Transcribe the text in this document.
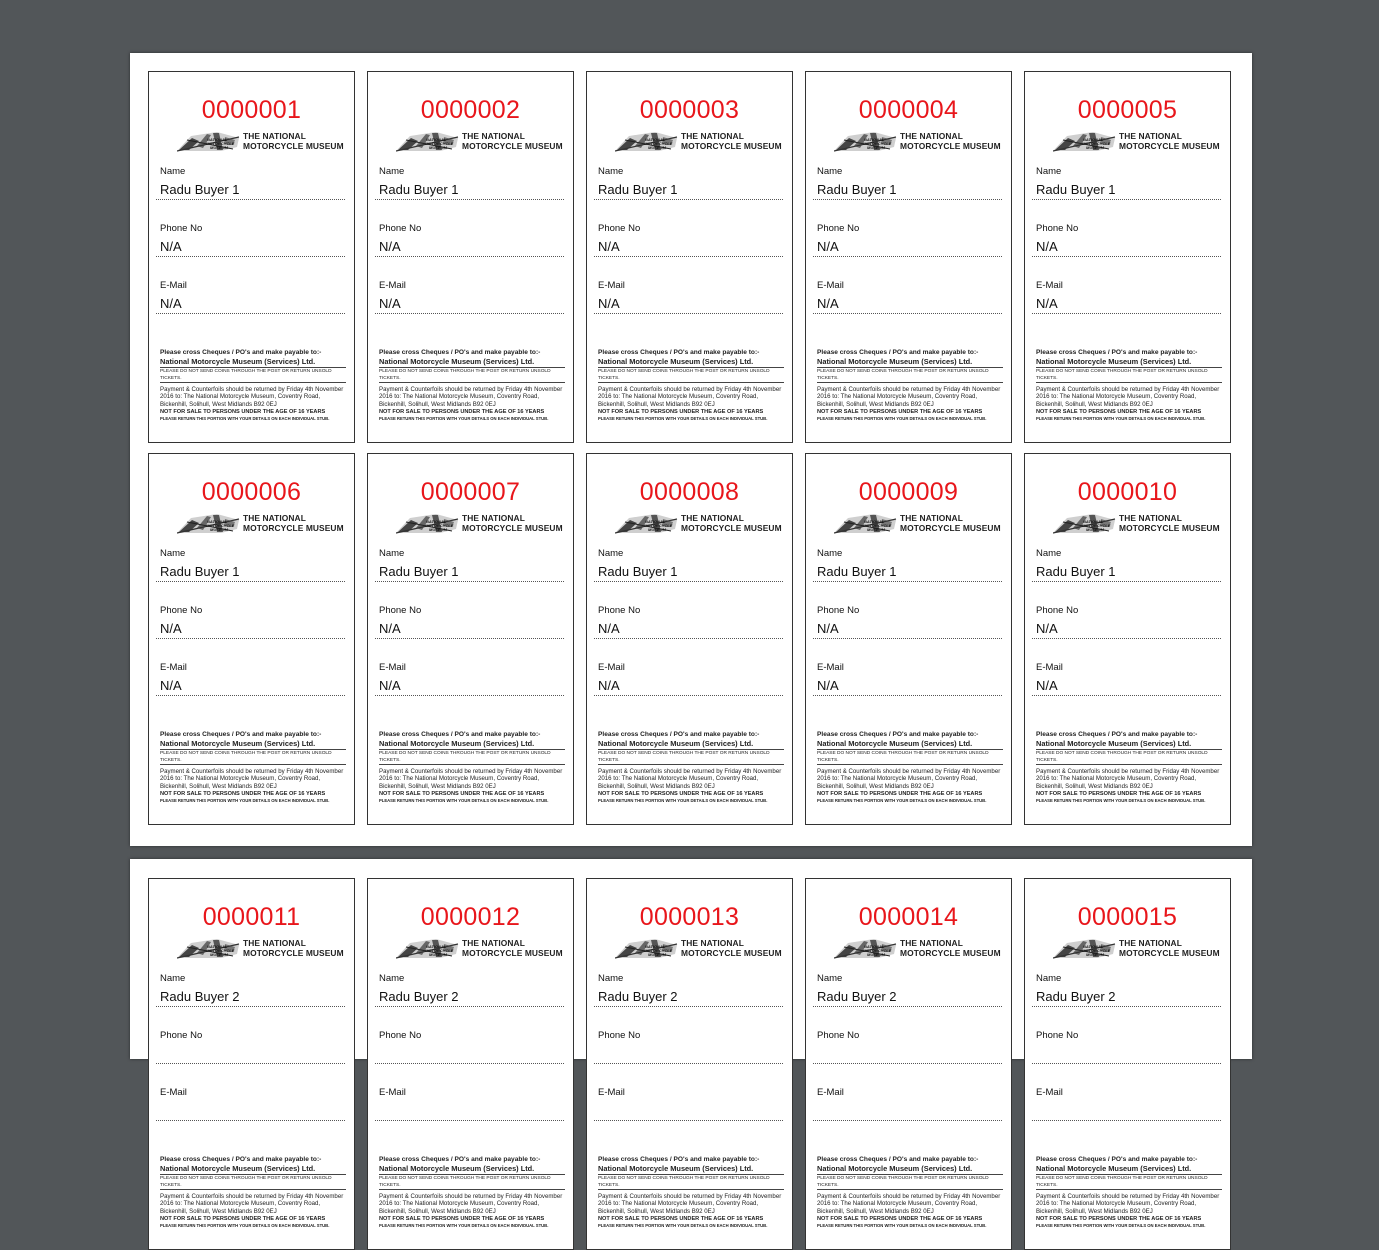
0000001
NATIONAL
MOTORCYCLE
MUSEUM
THE NATIONAL
MOTORCYCLE MUSEUM
Name
Radu Buyer 1
Phone No
N/A
E-Mail
N/A
Please cross Cheques / PO's and make payable to:-
National Motorcycle Museum (Services) Ltd.
PLEASE DO NOT SEND COINS THROUGH THE POST OR RETURN UNSOLD TICKETS.
Payment & Counterfoils should be returned by Friday 4th November 2016 to: The National Motorcycle Museum, Coventry Road, Bickenhill, Solihull, West Midlands B92 0EJ
NOT FOR SALE TO PERSONS UNDER THE AGE OF 16 YEARS
PLEASE RETURN THIS PORTION WITH YOUR DETAILS ON EACH INDIVIDUAL STUB.
0000002
NATIONAL
MOTORCYCLE
MUSEUM
THE NATIONAL
MOTORCYCLE MUSEUM
Name
Radu Buyer 1
Phone No
N/A
E-Mail
N/A
Please cross Cheques / PO's and make payable to:-
National Motorcycle Museum (Services) Ltd.
PLEASE DO NOT SEND COINS THROUGH THE POST OR RETURN UNSOLD TICKETS.
Payment & Counterfoils should be returned by Friday 4th November 2016 to: The National Motorcycle Museum, Coventry Road, Bickenhill, Solihull, West Midlands B92 0EJ
NOT FOR SALE TO PERSONS UNDER THE AGE OF 16 YEARS
PLEASE RETURN THIS PORTION WITH YOUR DETAILS ON EACH INDIVIDUAL STUB.
0000003
NATIONAL
MOTORCYCLE
MUSEUM
THE NATIONAL
MOTORCYCLE MUSEUM
Name
Radu Buyer 1
Phone No
N/A
E-Mail
N/A
Please cross Cheques / PO's and make payable to:-
National Motorcycle Museum (Services) Ltd.
PLEASE DO NOT SEND COINS THROUGH THE POST OR RETURN UNSOLD TICKETS.
Payment & Counterfoils should be returned by Friday 4th November 2016 to: The National Motorcycle Museum, Coventry Road, Bickenhill, Solihull, West Midlands B92 0EJ
NOT FOR SALE TO PERSONS UNDER THE AGE OF 16 YEARS
PLEASE RETURN THIS PORTION WITH YOUR DETAILS ON EACH INDIVIDUAL STUB.
0000004
NATIONAL
MOTORCYCLE
MUSEUM
THE NATIONAL
MOTORCYCLE MUSEUM
Name
Radu Buyer 1
Phone No
N/A
E-Mail
N/A
Please cross Cheques / PO's and make payable to:-
National Motorcycle Museum (Services) Ltd.
PLEASE DO NOT SEND COINS THROUGH THE POST OR RETURN UNSOLD TICKETS.
Payment & Counterfoils should be returned by Friday 4th November 2016 to: The National Motorcycle Museum, Coventry Road, Bickenhill, Solihull, West Midlands B92 0EJ
NOT FOR SALE TO PERSONS UNDER THE AGE OF 16 YEARS
PLEASE RETURN THIS PORTION WITH YOUR DETAILS ON EACH INDIVIDUAL STUB.
0000005
NATIONAL
MOTORCYCLE
MUSEUM
THE NATIONAL
MOTORCYCLE MUSEUM
Name
Radu Buyer 1
Phone No
N/A
E-Mail
N/A
Please cross Cheques / PO's and make payable to:-
National Motorcycle Museum (Services) Ltd.
PLEASE DO NOT SEND COINS THROUGH THE POST OR RETURN UNSOLD TICKETS.
Payment & Counterfoils should be returned by Friday 4th November 2016 to: The National Motorcycle Museum, Coventry Road, Bickenhill, Solihull, West Midlands B92 0EJ
NOT FOR SALE TO PERSONS UNDER THE AGE OF 16 YEARS
PLEASE RETURN THIS PORTION WITH YOUR DETAILS ON EACH INDIVIDUAL STUB.
0000006
NATIONAL
MOTORCYCLE
MUSEUM
THE NATIONAL
MOTORCYCLE MUSEUM
Name
Radu Buyer 1
Phone No
N/A
E-Mail
N/A
Please cross Cheques / PO's and make payable to:-
National Motorcycle Museum (Services) Ltd.
PLEASE DO NOT SEND COINS THROUGH THE POST OR RETURN UNSOLD TICKETS.
Payment & Counterfoils should be returned by Friday 4th November 2016 to: The National Motorcycle Museum, Coventry Road, Bickenhill, Solihull, West Midlands B92 0EJ
NOT FOR SALE TO PERSONS UNDER THE AGE OF 16 YEARS
PLEASE RETURN THIS PORTION WITH YOUR DETAILS ON EACH INDIVIDUAL STUB.
0000007
NATIONAL
MOTORCYCLE
MUSEUM
THE NATIONAL
MOTORCYCLE MUSEUM
Name
Radu Buyer 1
Phone No
N/A
E-Mail
N/A
Please cross Cheques / PO's and make payable to:-
National Motorcycle Museum (Services) Ltd.
PLEASE DO NOT SEND COINS THROUGH THE POST OR RETURN UNSOLD TICKETS.
Payment & Counterfoils should be returned by Friday 4th November 2016 to: The National Motorcycle Museum, Coventry Road, Bickenhill, Solihull, West Midlands B92 0EJ
NOT FOR SALE TO PERSONS UNDER THE AGE OF 16 YEARS
PLEASE RETURN THIS PORTION WITH YOUR DETAILS ON EACH INDIVIDUAL STUB.
0000008
NATIONAL
MOTORCYCLE
MUSEUM
THE NATIONAL
MOTORCYCLE MUSEUM
Name
Radu Buyer 1
Phone No
N/A
E-Mail
N/A
Please cross Cheques / PO's and make payable to:-
National Motorcycle Museum (Services) Ltd.
PLEASE DO NOT SEND COINS THROUGH THE POST OR RETURN UNSOLD TICKETS.
Payment & Counterfoils should be returned by Friday 4th November 2016 to: The National Motorcycle Museum, Coventry Road, Bickenhill, Solihull, West Midlands B92 0EJ
NOT FOR SALE TO PERSONS UNDER THE AGE OF 16 YEARS
PLEASE RETURN THIS PORTION WITH YOUR DETAILS ON EACH INDIVIDUAL STUB.
0000009
NATIONAL
MOTORCYCLE
MUSEUM
THE NATIONAL
MOTORCYCLE MUSEUM
Name
Radu Buyer 1
Phone No
N/A
E-Mail
N/A
Please cross Cheques / PO's and make payable to:-
National Motorcycle Museum (Services) Ltd.
PLEASE DO NOT SEND COINS THROUGH THE POST OR RETURN UNSOLD TICKETS.
Payment & Counterfoils should be returned by Friday 4th November 2016 to: The National Motorcycle Museum, Coventry Road, Bickenhill, Solihull, West Midlands B92 0EJ
NOT FOR SALE TO PERSONS UNDER THE AGE OF 16 YEARS
PLEASE RETURN THIS PORTION WITH YOUR DETAILS ON EACH INDIVIDUAL STUB.
0000010
NATIONAL
MOTORCYCLE
MUSEUM
THE NATIONAL
MOTORCYCLE MUSEUM
Name
Radu Buyer 1
Phone No
N/A
E-Mail
N/A
Please cross Cheques / PO's and make payable to:-
National Motorcycle Museum (Services) Ltd.
PLEASE DO NOT SEND COINS THROUGH THE POST OR RETURN UNSOLD TICKETS.
Payment & Counterfoils should be returned by Friday 4th November 2016 to: The National Motorcycle Museum, Coventry Road, Bickenhill, Solihull, West Midlands B92 0EJ
NOT FOR SALE TO PERSONS UNDER THE AGE OF 16 YEARS
PLEASE RETURN THIS PORTION WITH YOUR DETAILS ON EACH INDIVIDUAL STUB.
0000011
NATIONAL
MOTORCYCLE
MUSEUM
THE NATIONAL
MOTORCYCLE MUSEUM
Name
Radu Buyer 2
Phone No
E-Mail
Please cross Cheques / PO's and make payable to:-
National Motorcycle Museum (Services) Ltd.
PLEASE DO NOT SEND COINS THROUGH THE POST OR RETURN UNSOLD TICKETS.
Payment & Counterfoils should be returned by Friday 4th November 2016 to: The National Motorcycle Museum, Coventry Road, Bickenhill, Solihull, West Midlands B92 0EJ
NOT FOR SALE TO PERSONS UNDER THE AGE OF 16 YEARS
PLEASE RETURN THIS PORTION WITH YOUR DETAILS ON EACH INDIVIDUAL STUB.
0000012
NATIONAL
MOTORCYCLE
MUSEUM
THE NATIONAL
MOTORCYCLE MUSEUM
Name
Radu Buyer 2
Phone No
E-Mail
Please cross Cheques / PO's and make payable to:-
National Motorcycle Museum (Services) Ltd.
PLEASE DO NOT SEND COINS THROUGH THE POST OR RETURN UNSOLD TICKETS.
Payment & Counterfoils should be returned by Friday 4th November 2016 to: The National Motorcycle Museum, Coventry Road, Bickenhill, Solihull, West Midlands B92 0EJ
NOT FOR SALE TO PERSONS UNDER THE AGE OF 16 YEARS
PLEASE RETURN THIS PORTION WITH YOUR DETAILS ON EACH INDIVIDUAL STUB.
0000013
NATIONAL
MOTORCYCLE
MUSEUM
THE NATIONAL
MOTORCYCLE MUSEUM
Name
Radu Buyer 2
Phone No
E-Mail
Please cross Cheques / PO's and make payable to:-
National Motorcycle Museum (Services) Ltd.
PLEASE DO NOT SEND COINS THROUGH THE POST OR RETURN UNSOLD TICKETS.
Payment & Counterfoils should be returned by Friday 4th November 2016 to: The National Motorcycle Museum, Coventry Road, Bickenhill, Solihull, West Midlands B92 0EJ
NOT FOR SALE TO PERSONS UNDER THE AGE OF 16 YEARS
PLEASE RETURN THIS PORTION WITH YOUR DETAILS ON EACH INDIVIDUAL STUB.
0000014
NATIONAL
MOTORCYCLE
MUSEUM
THE NATIONAL
MOTORCYCLE MUSEUM
Name
Radu Buyer 2
Phone No
E-Mail
Please cross Cheques / PO's and make payable to:-
National Motorcycle Museum (Services) Ltd.
PLEASE DO NOT SEND COINS THROUGH THE POST OR RETURN UNSOLD TICKETS.
Payment & Counterfoils should be returned by Friday 4th November 2016 to: The National Motorcycle Museum, Coventry Road, Bickenhill, Solihull, West Midlands B92 0EJ
NOT FOR SALE TO PERSONS UNDER THE AGE OF 16 YEARS
PLEASE RETURN THIS PORTION WITH YOUR DETAILS ON EACH INDIVIDUAL STUB.
0000015
NATIONAL
MOTORCYCLE
MUSEUM
THE NATIONAL
MOTORCYCLE MUSEUM
Name
Radu Buyer 2
Phone No
E-Mail
Please cross Cheques / PO's and make payable to:-
National Motorcycle Museum (Services) Ltd.
PLEASE DO NOT SEND COINS THROUGH THE POST OR RETURN UNSOLD TICKETS.
Payment & Counterfoils should be returned by Friday 4th November 2016 to: The National Motorcycle Museum, Coventry Road, Bickenhill, Solihull, West Midlands B92 0EJ
NOT FOR SALE TO PERSONS UNDER THE AGE OF 16 YEARS
PLEASE RETURN THIS PORTION WITH YOUR DETAILS ON EACH INDIVIDUAL STUB.
